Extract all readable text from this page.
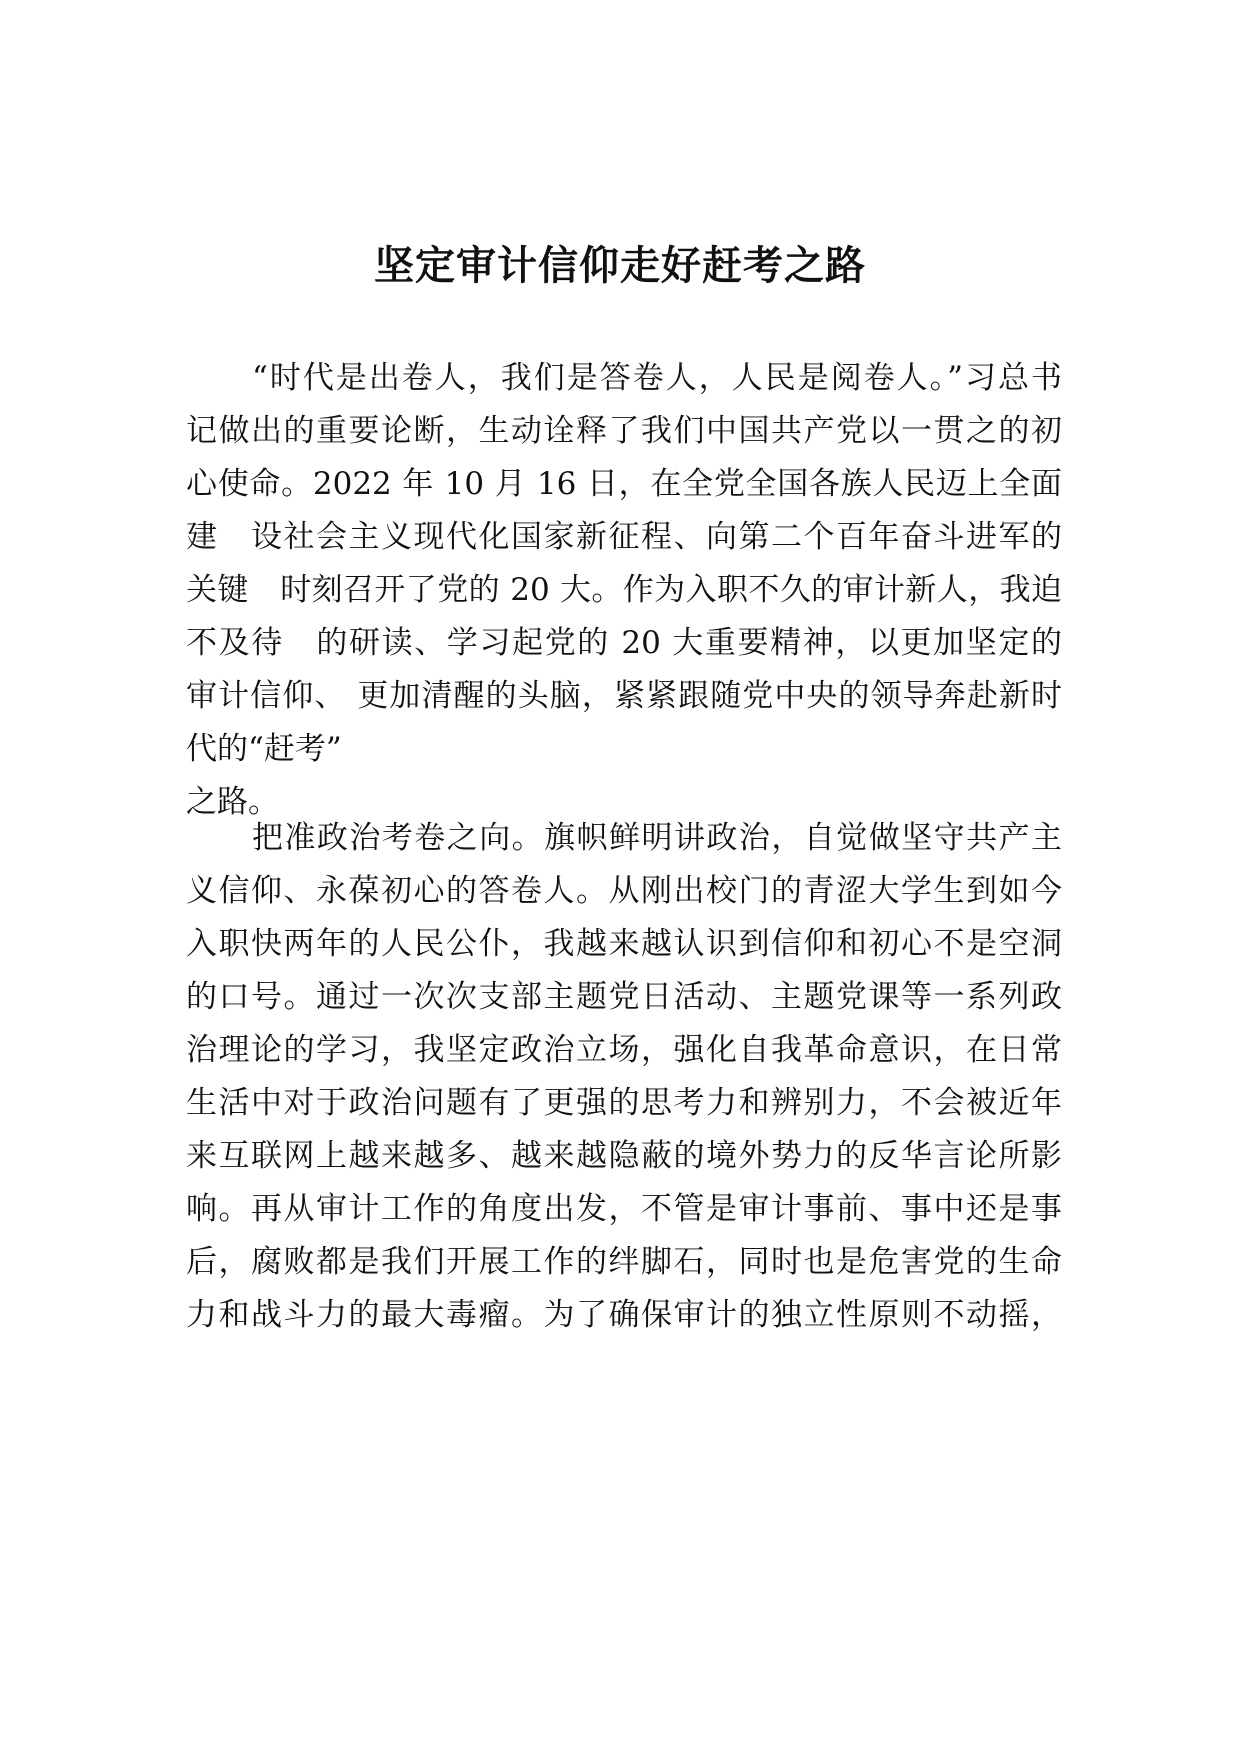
坚定审计信仰走好赶考之路
“时代是出卷人，我们是答卷人，人民是阅卷人。”习总书
记做出的重要论断，生动诠释了我们中国共产党以一贯之的初
心使命。2022 年 10 月 16 日，在全党全国各族人民迈上全面
建　设社会主义现代化国家新征程、向第二个百年奋斗进军的
关键　时刻召开了党的 20 大。作为入职不久的审计新人，我迫
不及待　的研读、学习起党的 20 大重要精神，以更加坚定的
审计信仰、 更加清醒的头脑，紧紧跟随党中央的领导奔赴新时
代的“赶考”
之路。
把准政治考卷之向。旗帜鲜明讲政治，自觉做坚守共产主
义信仰、永葆初心的答卷人。从刚出校门的青涩大学生到如今
入职快两年的人民公仆，我越来越认识到信仰和初心不是空洞
的口号。通过一次次支部主题党日活动、主题党课等一系列政
治理论的学习，我坚定政治立场，强化自我革命意识，在日常
生活中对于政治问题有了更强的思考力和辨别力，不会被近年
来互联网上越来越多、越来越隐蔽的境外势力的反华言论所影
响。再从审计工作的角度出发，不管是审计事前、事中还是事
后，腐败都是我们开展工作的绊脚石，同时也是危害党的生命
力和战斗力的最大毒瘤。为了确保审计的独立性原则不动摇，
